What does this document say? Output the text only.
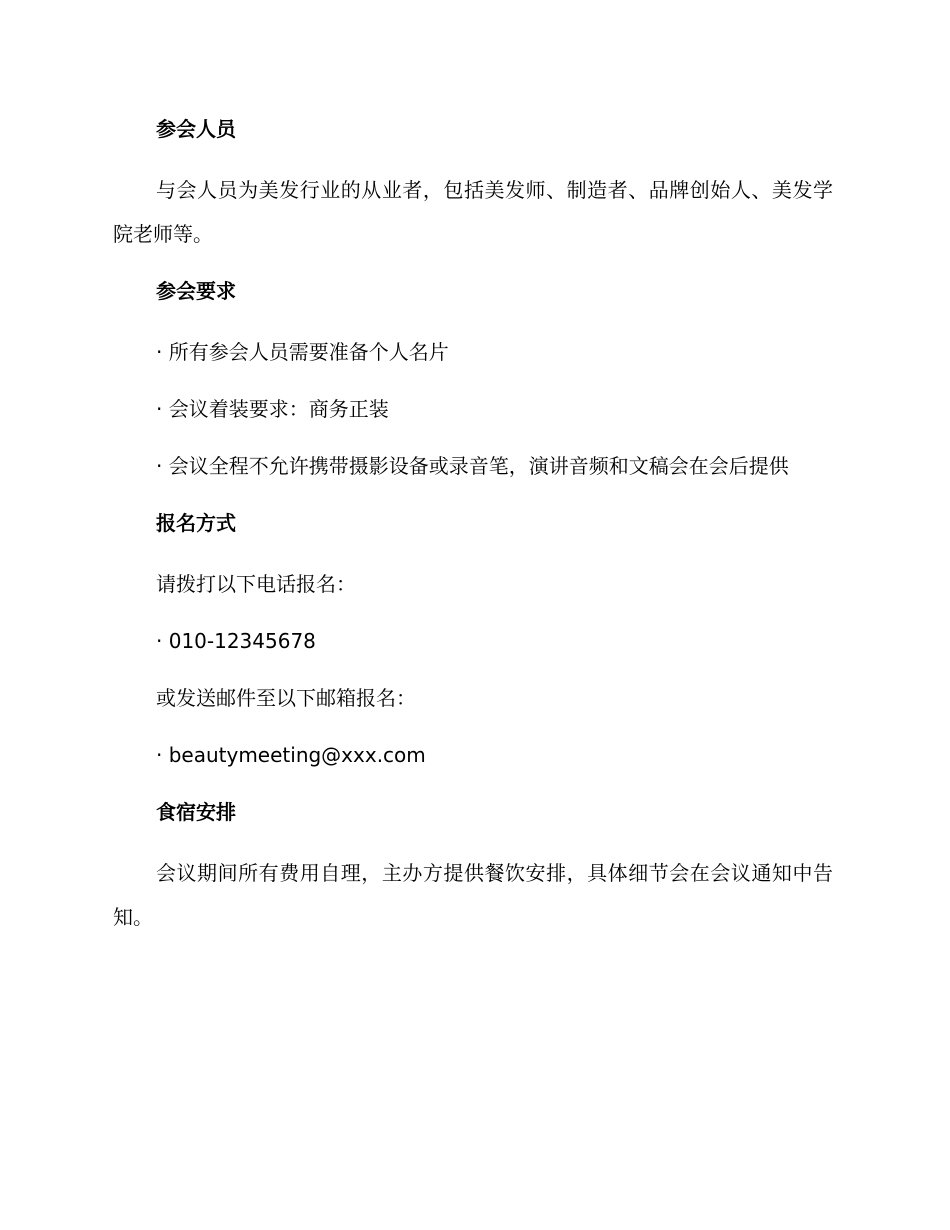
参会人员

与会人员为美发行业的从业者，包括美发师、制造者、品牌创始人、美发学院老师等。

参会要求

· 所有参会人员需要准备个人名片

· 会议着装要求：商务正装

· 会议全程不允许携带摄影设备或录音笔，演讲音频和文稿会在会后提供

报名方式

请拨打以下电话报名：

· 010-12345678

或发送邮件至以下邮箱报名：

· beautymeeting@xxx.com

食宿安排

会议期间所有费用自理，主办方提供餐饮安排，具体细节会在会议通知中告知。
